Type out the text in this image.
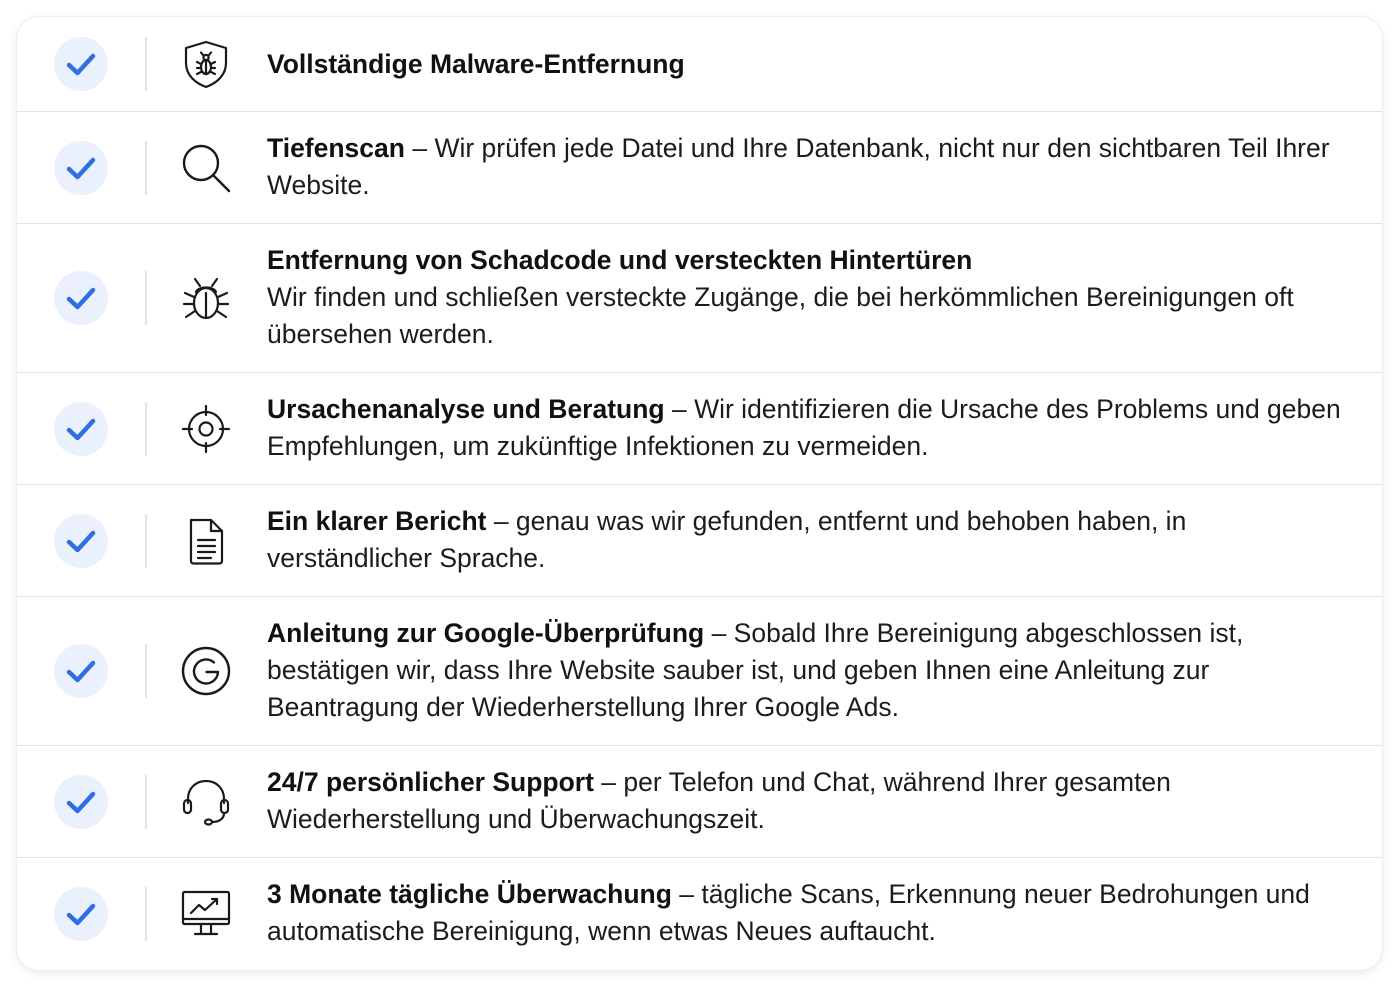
Vollständige Malware-Entfernung
Tiefenscan – Wir prüfen jede Datei und Ihre Datenbank, nicht nur den sichtbaren Teil Ihrer Website.
Entfernung von Schadcode und versteckten Hintertüren
Wir finden und schließen versteckte Zugänge, die bei herkömmlichen Bereinigungen oft übersehen werden.
Ursachenanalyse und Beratung – Wir identifizieren die Ursache des Problems und geben Empfehlungen, um zukünftige Infektionen zu vermeiden.
Ein klarer Bericht – genau was wir gefunden, entfernt und behoben haben, in verständlicher Sprache.
Anleitung zur Google-Überprüfung – Sobald Ihre Bereinigung abgeschlossen ist, bestätigen wir, dass Ihre Website sauber ist, und geben Ihnen eine Anleitung zur Beantragung der Wiederherstellung Ihrer Google Ads.
24/7 persönlicher Support – per Telefon und Chat, während Ihrer gesamten Wiederherstellung und Überwachungszeit.
3 Monate tägliche Überwachung – tägliche Scans, Erkennung neuer Bedrohungen und automatische Bereinigung, wenn etwas Neues auftaucht.
